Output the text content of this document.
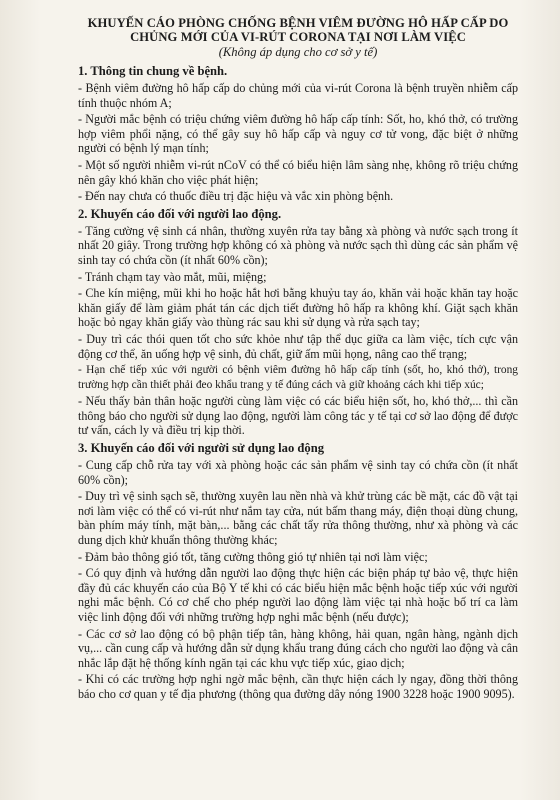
KHUYẾN CÁO PHÒNG CHỐNG BỆNH VIÊM ĐƯỜNG HÔ HẤP CẤP DO
CHỦNG MỚI CỦA VI-RÚT CORONA TẠI NƠI LÀM VIỆC
(Không áp dụng cho cơ sở y tế)
1. Thông tin chung về bệnh.

- Bệnh viêm đường hô hấp cấp do chủng mới của vi-rút Corona là bệnh truyền nhiễm cấp tính thuộc nhóm A;

- Người mắc bệnh có triệu chứng viêm đường hô hấp cấp tính: Sốt, ho, khó thở, có trường hợp viêm phổi nặng, có thể gây suy hô hấp cấp và nguy cơ tử vong, đặc biệt ở những người có bệnh lý mạn tính;

- Một số người nhiễm vi-rút nCoV có thể có biểu hiện lâm sàng nhẹ, không rõ triệu chứng nên gây khó khăn cho việc phát hiện;

- Đến nay chưa có thuốc điều trị đặc hiệu và vắc xin phòng bệnh.

2. Khuyến cáo đối với người lao động.

- Tăng cường vệ sinh cá nhân, thường xuyên rửa tay bằng xà phòng và nước sạch trong ít nhất 20 giây. Trong trường hợp không có xà phòng và nước sạch thì dùng các sản phẩm vệ sinh tay có chứa cồn (ít nhất 60% cồn);

- Tránh chạm tay vào mắt, mũi, miệng;

- Che kín miệng, mũi khi ho hoặc hắt hơi bằng khuỷu tay áo, khăn vải hoặc khăn tay hoặc khăn giấy để làm giảm phát tán các dịch tiết đường hô hấp ra không khí. Giặt sạch khăn hoặc bỏ ngay khăn giấy vào thùng rác sau khi sử dụng và rửa sạch tay;

- Duy trì các thói quen tốt cho sức khỏe như tập thể dục giữa ca làm việc, tích cực vận động cơ thể, ăn uống hợp vệ sinh, đủ chất, giữ ấm mũi họng, nâng cao thể trạng;

- Hạn chế tiếp xúc với người có bệnh viêm đường hô hấp cấp tính (sốt, ho, khó thở), trong trường hợp cần thiết phải đeo khẩu trang y tế đúng cách và giữ khoảng cách khi tiếp xúc;

- Nếu thấy bản thân hoặc người cùng làm việc có các biểu hiện sốt, ho, khó thở,... thì cần thông báo cho người sử dụng lao động, người làm công tác y tế tại cơ sở lao động để được tư vấn, cách ly và điều trị kịp thời.

3. Khuyến cáo đối với người sử dụng lao động

- Cung cấp chỗ rửa tay với xà phòng hoặc các sản phẩm vệ sinh tay có chứa cồn (ít nhất 60% cồn);

- Duy trì vệ sinh sạch sẽ, thường xuyên lau nền nhà và khử trùng các bề mặt, các đồ vật tại nơi làm việc có thể có vi-rút như nắm tay cửa, nút bấm thang máy, điện thoại dùng chung, bàn phím máy tính, mặt bàn,... bằng các chất tẩy rửa thông thường, như xà phòng và các dung dịch khử khuẩn thông thường khác;

- Đảm bảo thông gió tốt, tăng cường thông gió tự nhiên tại nơi làm việc;

- Có quy định và hướng dẫn người lao động thực hiện các biện pháp tự bảo vệ, thực hiện đầy đủ các khuyến cáo của Bộ Y tế khi có các biểu hiện mắc bệnh hoặc tiếp xúc với người nghi mắc bệnh. Có cơ chế cho phép người lao động làm việc tại nhà hoặc bố trí ca làm việc linh động đối với những trường hợp nghi mắc bệnh (nếu được);

- Các cơ sở lao động có bộ phận tiếp tân, hàng không, hải quan, ngân hàng, ngành dịch vụ,... cần cung cấp và hướng dẫn sử dụng khẩu trang đúng cách cho người lao động và cân nhắc lắp đặt hệ thống kính ngăn tại các khu vực tiếp xúc, giao dịch;

- Khi có các trường hợp nghi ngờ mắc bệnh, cần thực hiện cách ly ngay, đồng thời thông báo cho cơ quan y tế địa phương (thông qua đường dây nóng 1900 3228 hoặc 1900 9095).
